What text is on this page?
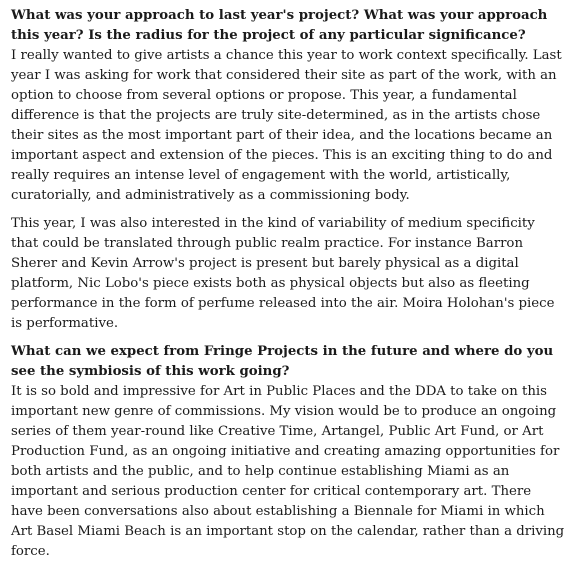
What was your approach to last year's project? What was your approach this year? Is the radius for the project of any particular significance?

I really wanted to give artists a chance this year to work context specifically. Last year I was asking for work that considered their site as part of the work, with an option to choose from several options or propose. This year, a fundamental difference is that the projects are truly site-determined, as in the artists chose their sites as the most important part of their idea, and the locations became an important aspect and extension of the pieces. This is an exciting thing to do and really requires an intense level of engagement with the world, artistically, curatorially, and administratively as a commissioning body.

This year, I was also interested in the kind of variability of medium specificity that could be translated through public realm practice. For instance Barron Sherer and Kevin Arrow's project is present but barely physical as a digital platform, Nic Lobo's piece exists both as physical objects but also as fleeting performance in the form of perfume released into the air. Moira Holohan's piece is performative.

What can we expect from Fringe Projects in the future and where do you see the symbiosis of this work going?

It is so bold and impressive for Art in Public Places and the DDA to take on this important new genre of commissions. My vision would be to produce an ongoing series of them year-round like Creative Time, Artangel, Public Art Fund, or Art Production Fund, as an ongoing initiative and creating amazing opportunities for both artists and the public, and to help continue establishing Miami as an important and serious production center for critical contemporary art. There have been conversations also about establishing a Biennale for Miami in which Art Basel Miami Beach is an important stop on the calendar, rather than a driving force.
